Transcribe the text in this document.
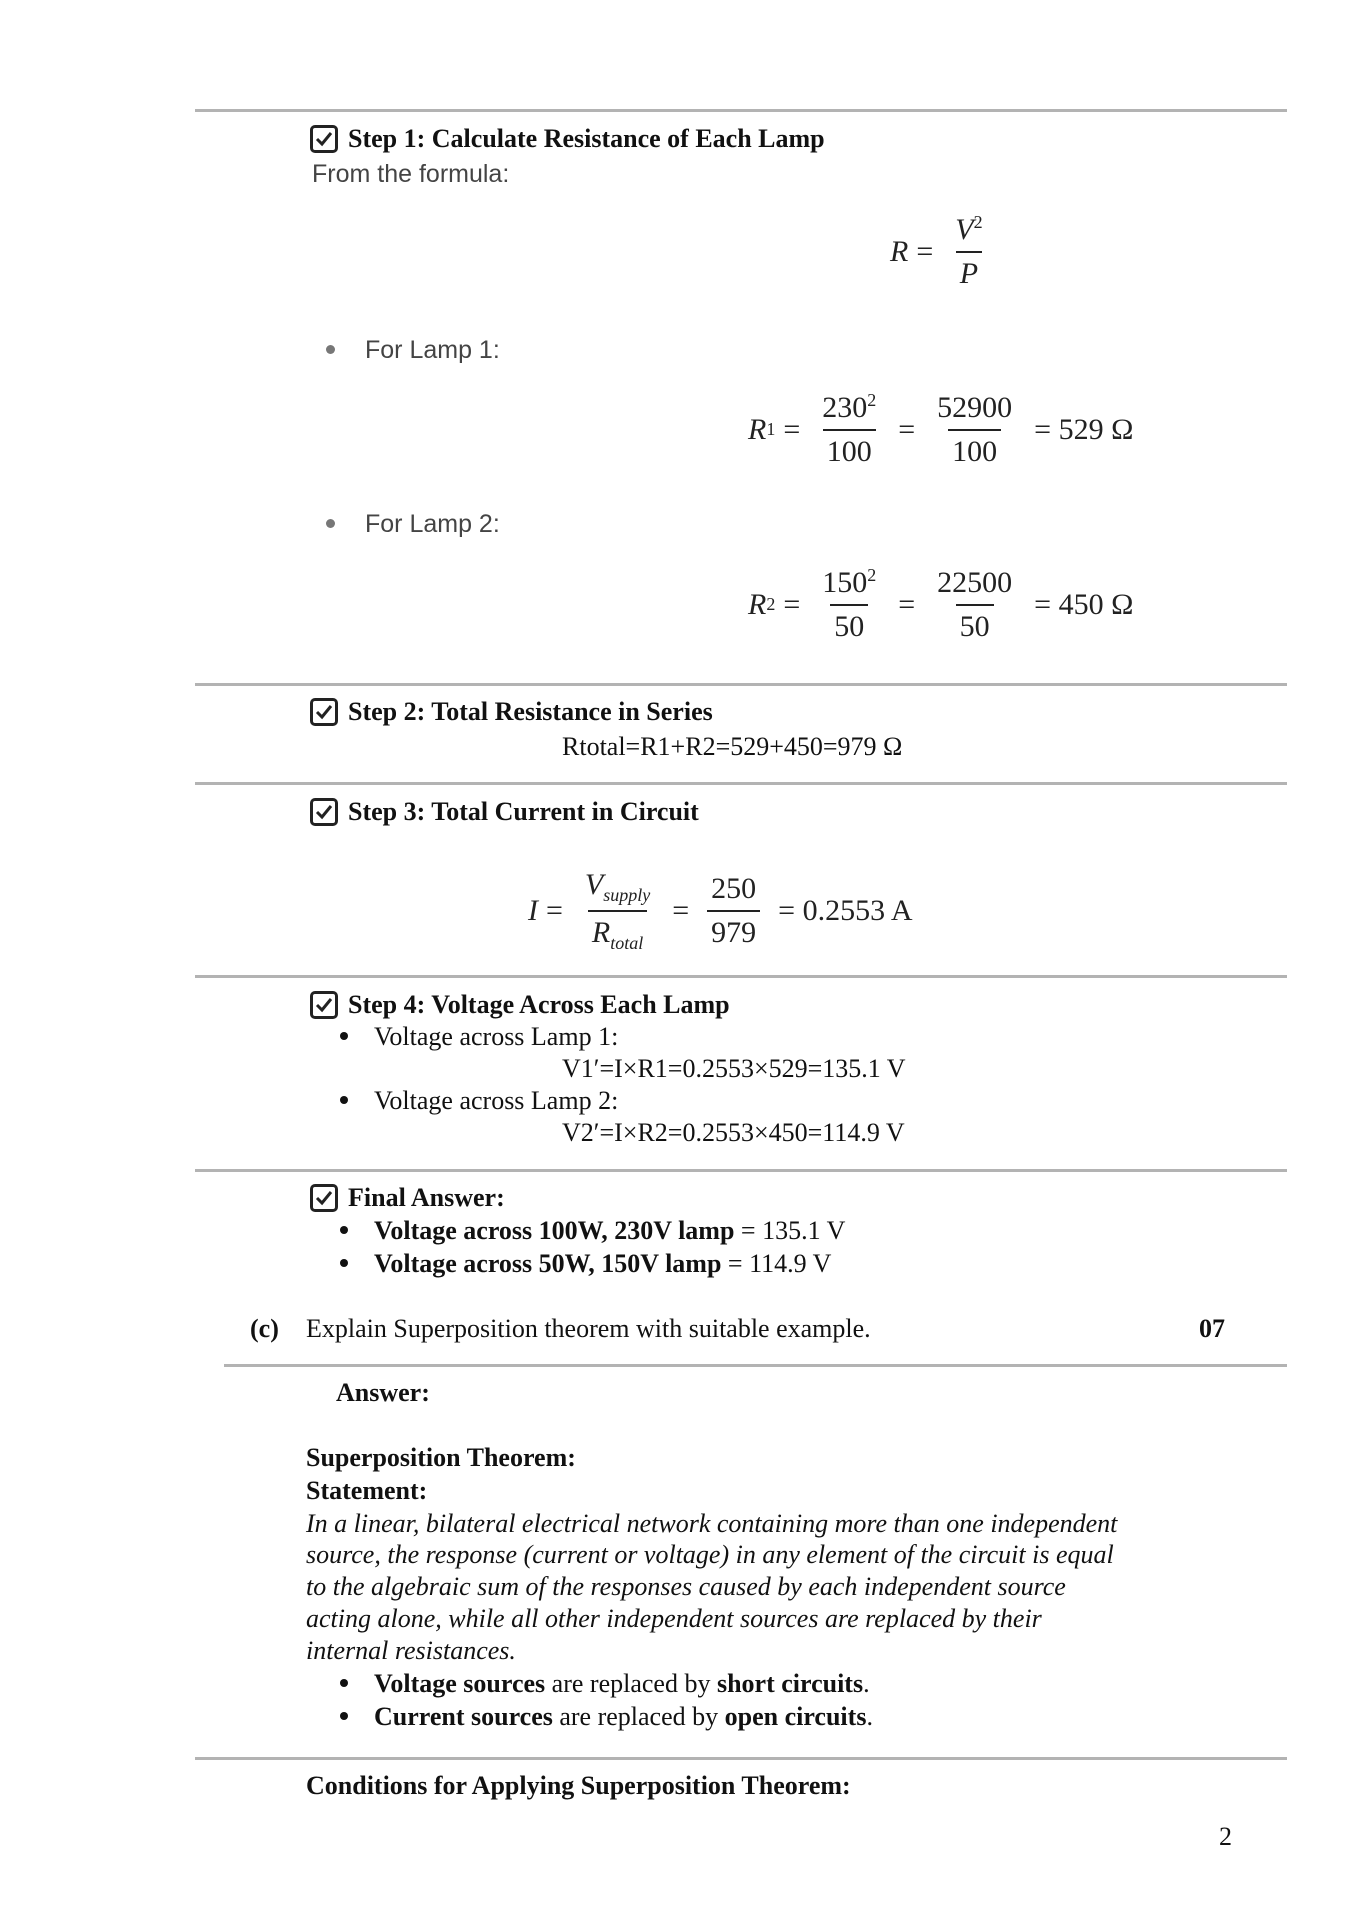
Step 1: Calculate Resistance of Each Lamp
From the formula:
$R = \frac{V^2}{P}$
For Lamp 1:
R $1 = \frac{230^2}{100} = \frac{52900}{100} = 529$ Ω
For Lamp 2:
R $2 = \frac{150^2}{50} = \frac{22500}{50} = 450$ Ω
Step 2: Total Resistance in Series
Rtotal=R1+R2=529+450=979 Ω
Step 3: Total Current in Circuit
$I = \frac{V_{supply}}{R_{total}} = \frac{250}{979} = 0.2553$ A
Step 4: Voltage Across Each Lamp
Voltage across Lamp 1:
V1′=I×R1=0.2553×529=135.1 V
Voltage across Lamp 2:
V2′=I×R2=0.2553×450=114.9 V
Final Answer:
Voltage across 100W, 230V lamp = 135.1 V
Voltage across 50W, 150V lamp = 114.9 V
(c) Explain Superposition theorem with suitable example.	07
Answer:
Superposition Theorem:
Statement:
In a linear, bilateral electrical network containing more than one independent
source, the response (current or voltage) in any element of the circuit is equal
to the algebraic sum of the responses caused by each independent source
acting alone, while all other independent sources are replaced by their
internal resistances.
Voltage sources are replaced by short circuits.
Current sources are replaced by open circuits.
Conditions for Applying Superposition Theorem:
2
